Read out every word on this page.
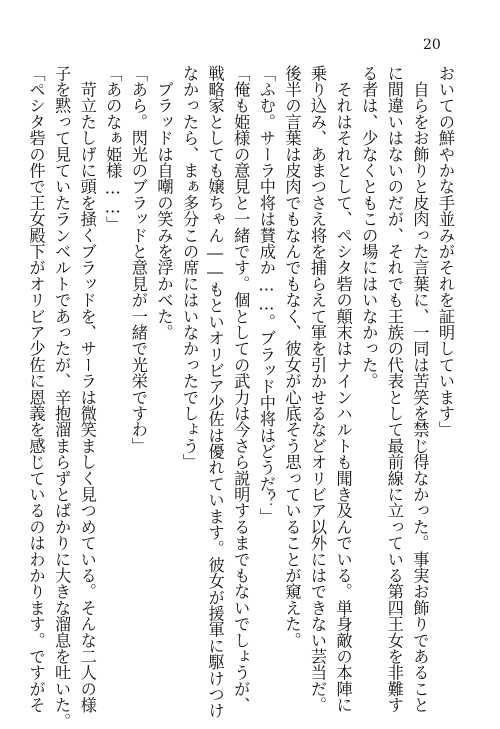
20
おいての鮮やかな手並みがそれを証明しています」
　自らをお飾りと皮肉った言葉に、一同は苦笑を禁じ得なかった。事実お飾りであること
に間違いはないのだが、それでも王族の代表として最前線に立っている第四王女を非難す
る者は、少なくともこの場にはいなかった。
　それはそれとして、ペシタ砦の顛末はナインハルトも聞き及んでいる。単身敵の本陣に
乗り込み、あまつさえ将を捕らえて軍を引かせるなどオリビア以外にはできない芸当だ。
後半の言葉は皮肉でもなんでもなく、彼女が心底そう思っていることが窺えた。
「ふむ。サーラ中将は賛成か……。ブラッド中将はどうだ？」
「俺も姫様の意見と一緒です。個としての武力は今さら説明するまでもないでしょうが、
戦略家としても嬢ちゃん――もといオリビア少佐は優れています。彼女が援軍に駆けつけ
なかったら、まぁ多分この席にはいなかったでしょう」
　ブラッドは自嘲の笑みを浮かべた。
「あら。閃光のブラッドと意見が一緒で光栄ですわ」
「あのなぁ姫様……」
　苛立たしげに頭を掻くブラッドを、サーラは微笑ましく見つめている。そんな二人の様
子を黙って見ていたランベルトであったが、辛抱溜まらずとばかりに大きな溜息を吐いた。
「ペシタ砦の件で王女殿下がオリビア少佐に恩義を感じているのはわかります。ですがそ
